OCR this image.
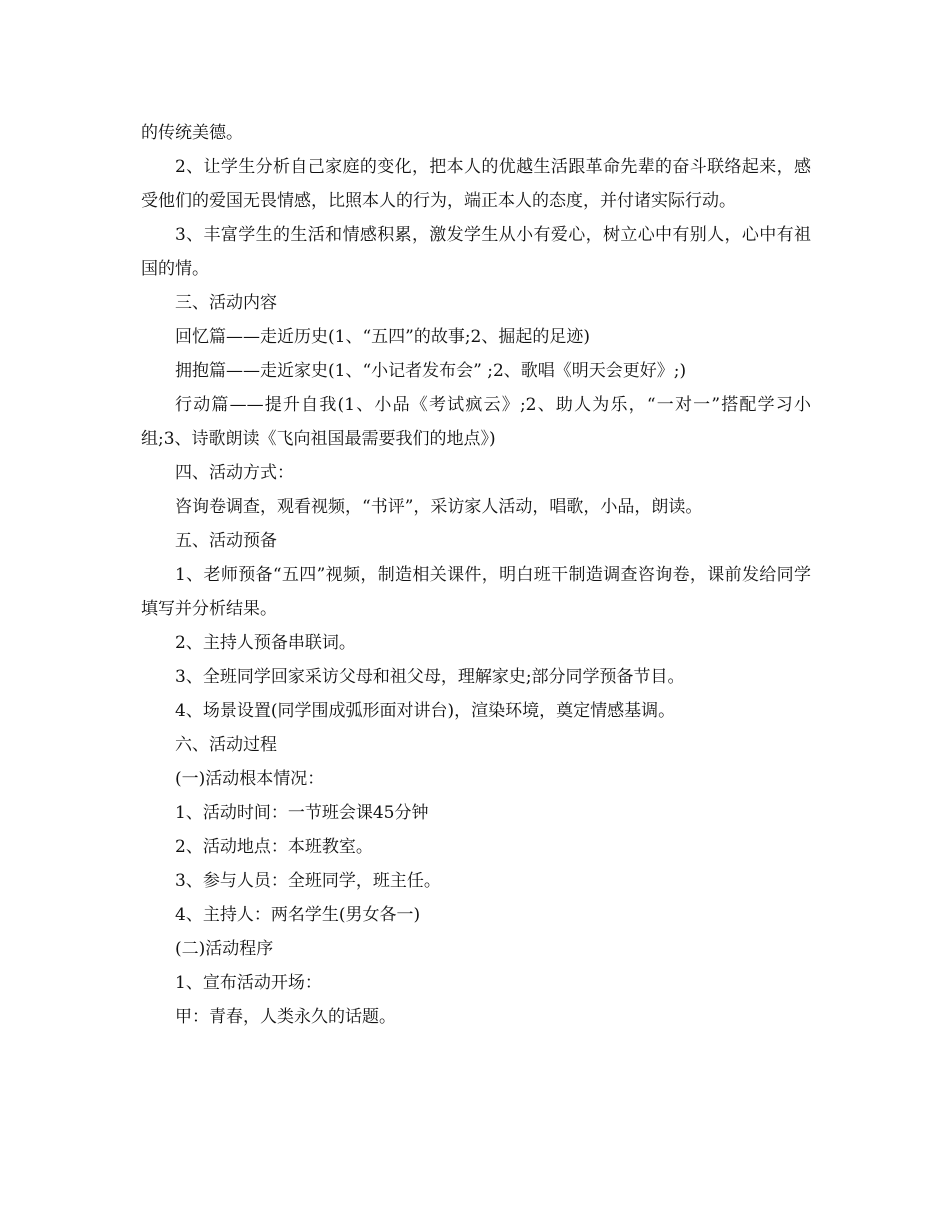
的传统美德。

2、让学生分析自己家庭的变化，把本人的优越生活跟革命先辈的奋斗联络起来，感受他们的爱国无畏情感，比照本人的行为，端正本人的态度，并付诸实际行动。

3、丰富学生的生活和情感积累，激发学生从小有爱心，树立心中有别人，心中有祖国的情。

三、活动内容

回忆篇——走近历史(1、“五四”的故事;2、掘起的足迹)

拥抱篇——走近家史(1、“小记者发布会” ;2、歌唱《明天会更好》;)

行动篇——提升自我(1、小品《考试疯云》;2、助人为乐，“一对一”搭配学习小组;3、诗歌朗读《飞向祖国最需要我们的地点》)

四、活动方式：

咨询卷调查，观看视频，“书评”，采访家人活动，唱歌，小品，朗读。

五、活动预备

1、老师预备“五四”视频，制造相关课件，明白班干制造调查咨询卷，课前发给同学填写并分析结果。

2、主持人预备串联词。

3、全班同学回家采访父母和祖父母，理解家史;部分同学预备节目。

4、场景设置(同学围成弧形面对讲台)，渲染环境，奠定情感基调。

六、活动过程

(一)活动根本情况：

1、活动时间：一节班会课45分钟

2、活动地点：本班教室。

3、参与人员：全班同学，班主任。

4、主持人：两名学生(男女各一)

(二)活动程序

1、宣布活动开场：

甲：青春，人类永久的话题。
